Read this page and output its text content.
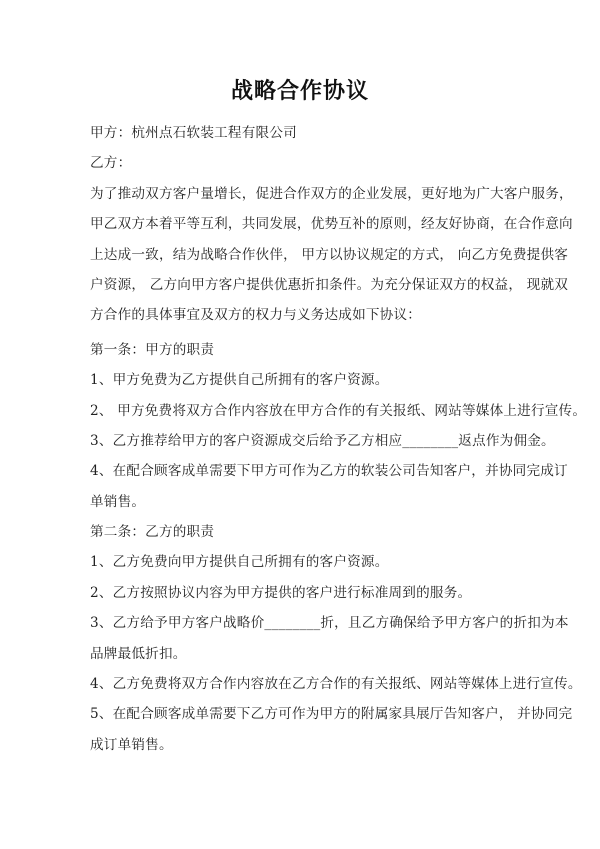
战略合作协议
甲方：杭州点石软装工程有限公司
乙方：
为了推动双方客户量增长，促进合作双方的企业发展，更好地为广大客户服务，
甲乙双方本着平等互利，共同发展，优势互补的原则，经友好协商，在合作意向
上达成一致，结为战略合作伙伴， 甲方以协议规定的方式， 向乙方免费提供客
户资源， 乙方向甲方客户提供优惠折扣条件。为充分保证双方的权益， 现就双
方合作的具体事宜及双方的权力与义务达成如下协议：
第一条：甲方的职责
1、甲方免费为乙方提供自己所拥有的客户资源。
2、 甲方免费将双方合作内容放在甲方合作的有关报纸、网站等媒体上进行宣传。
3、乙方推荐给甲方的客户资源成交后给予乙方相应________返点作为佣金。
4、在配合顾客成单需要下甲方可作为乙方的软装公司告知客户，并协同完成订
单销售。
第二条：乙方的职责
1、乙方免费向甲方提供自己所拥有的客户资源。
2、乙方按照协议内容为甲方提供的客户进行标准周到的服务。
3、乙方给予甲方客户战略价________折，且乙方确保给予甲方客户的折扣为本
品牌最低折扣。
4、乙方免费将双方合作内容放在乙方合作的有关报纸、网站等媒体上进行宣传。
5、在配合顾客成单需要下乙方可作为甲方的附属家具展厅告知客户， 并协同完
成订单销售。
